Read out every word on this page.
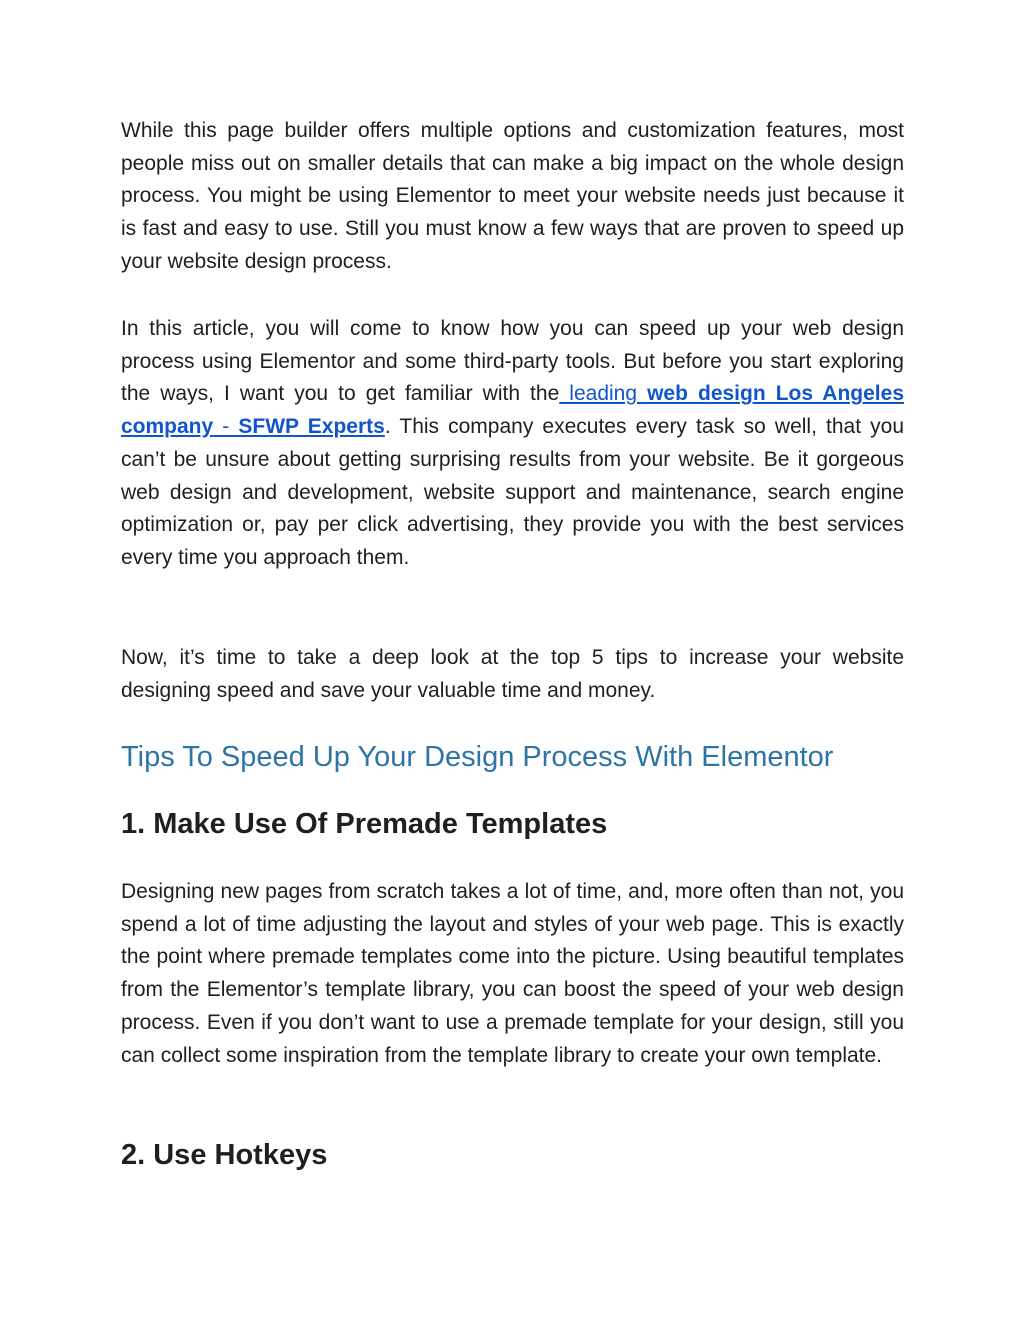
While this page builder offers multiple options and customization features, most people miss out on smaller details that can make a big impact on the whole design process. You might be using Elementor to meet your website needs just because it is fast and easy to use. Still you must know a few ways that are proven to speed up your website design process.

In this article, you will come to know how you can speed up your web design process using Elementor and some third-party tools. But before you start exploring the ways, I want you to get familiar with the leading web design Los Angeles company - SFWP Experts. This company executes every task so well, that you can’t be unsure about getting surprising results from your website. Be it gorgeous web design and development, website support and maintenance, search engine optimization or, pay per click advertising, they provide you with the best services every time you approach them.

Now, it’s time to take a deep look at the top 5 tips to increase your website designing speed and save your valuable time and money.

Tips To Speed Up Your Design Process With Elementor
1. Make Use Of Premade Templates

Designing new pages from scratch takes a lot of time, and, more often than not, you spend a lot of time adjusting the layout and styles of your web page. This is exactly the point where premade templates come into the picture. Using beautiful templates from the Elementor’s template library, you can boost the speed of your web design process. Even if you don’t want to use a premade template for your design, still you can collect some inspiration from the template library to create your own template.

2. Use Hotkeys
